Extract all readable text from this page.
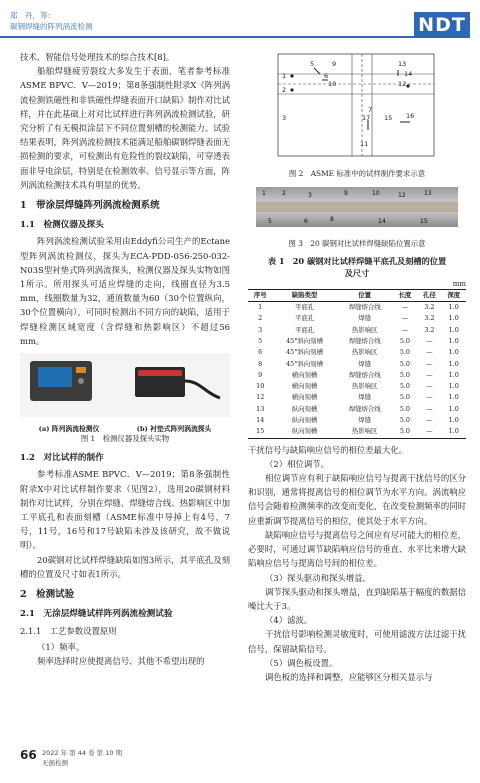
郑　丹，等：
碳钢焊缝的阵列涡流检测	NDT

技术、智能信号处理技术的综合技术[8]。

船舶焊缝疲劳裂纹大多发生于表面，笔者参考标准ASME BPVC．V—2019；第8条强制性附录X《阵列涡流检测铁磁性和非铁磁性焊缝表面开口缺陷》制作对比试样，并在此基础上对对比试样进行阵列涡流检测试验，研究分析了有无模拟涂层下不同位置刻槽的检测能力。试验结果表明，阵列涡流检测技术能满足船舶碳钢焊缝表面无损检测的要求，可检测出有危险性的裂纹缺陷，可穿透表面非导电涂层，特别是在检测效率、信号显示等方面，阵列涡流检测技术具有明显的优势。

1　带涂层焊缝阵列涡流检测系统
1.1　检测仪器及探头

阵列涡流检测试验采用由Eddyfi公司生产的Ectane型阵列涡流检测仪，探头为ECA-PDD-056-250-032-N03S型衬垫式阵列涡流探头，检测仪器及探头实物如图1所示。所用探头可适应焊缝的走向，线圈直径为3.5 mm，线圈数量为32，通道数量为60（30个位置纵向，30个位置横向），可同时检测出不同方向的缺陷，适用于焊缝检测区域宽度（含焊缝和热影响区）不超过56 mm。

(a) 阵列涡流检测仪	(b) 衬垫式阵列涡流探头
图 1　检测仪器及探头实物
1.2　对比试样的制作

参考标准ASME BPVC．V—2019；第8条强制性附录X中对比试样制作要求（见图2），选用20碳钢材料制作对比试样，分别在焊缝、焊缝熔合线、热影响区中加工平底孔和表面刻槽（ASME标准中导掉上有4号，7号，11号，16号和17号缺陷未涉及该研究，故不做说明）。

20碳钢对比试样焊缝缺陷如图3所示，其平底孔及刻槽的位置及尺寸如表1所示。

2　检测试验
2.1　无涂层焊缝试样阵列涡流检测试验
2.1.1　工艺参数设置原则

（1）频率。

频率选择时应使提离信号、其他不希望出现的

1
2
3
5
6
7
9
10
11
12
13
14
15 16
17
图 2　ASME 标准中的试样制作要求示意
1	2	3
5	6	8
9	10	12	13
14	15
图 3　20 碳钢对比试样焊缝缺陷位置示意
表 1　20 碳钢对比试样焊缝平底孔及刻槽的位置及尺寸
mm
序号	缺陷类型	位置	长度	孔径	深度
1	平底孔	焊缝熔合线	—	3.2	1.0
2	平底孔	焊缝	—	3.2	1.0
3	平底孔	热影响区	—	3.2	1.0
5	45°斜向刻槽	焊缝熔合线	5.0	—	1.0
6	45°斜向刻槽	热影响区	5.0	—	1.0
8	45°斜向刻槽	焊缝	5.0	—	1.0
9	横向刻槽	焊缝熔合线	5.0	—	1.0
10	横向刻槽	热影响区	5.0	—	1.0
12	横向刻槽	焊缝	5.0	—	1.0
13	纵向刻槽	焊缝熔合线	5.0	—	1.0
14	纵向刻槽	焊缝	5.0	—	1.0
15	纵向刻槽	热影响区	5.0	—	1.0

干扰信号与缺陷响应信号的相位差最大化。

（2）相位调节。

相位调节应有利于缺陷响应信号与提离干扰信号的区分和识别，通常将提离信号的相位调节为水平方向。涡流响应信号会随着检测频率的改变而变化，在改变检测频率的同时应重新调节提离信号的相位，使其处于水平方向。

缺陷响应信号与提离信号之间应有尽可能大的相位差，必要时，可通过调节缺陷响应信号的垂直、水平比来增大缺陷响应信号与提离信号间的相位差。

（3）探头驱动和探头增益。

调节探头驱动和探头增益，直到缺陷基于幅度的数据信噪比大于3。

（4）滤波。

干扰信号影响检测灵敏度时，可使用滤波方法过滤干扰信号，保留缺陷信号。

（5）调色板设置。

调色板的选择和调整，应能够区分相关显示与

66 2022 年 第 44 卷 第 10 期
无损检测
